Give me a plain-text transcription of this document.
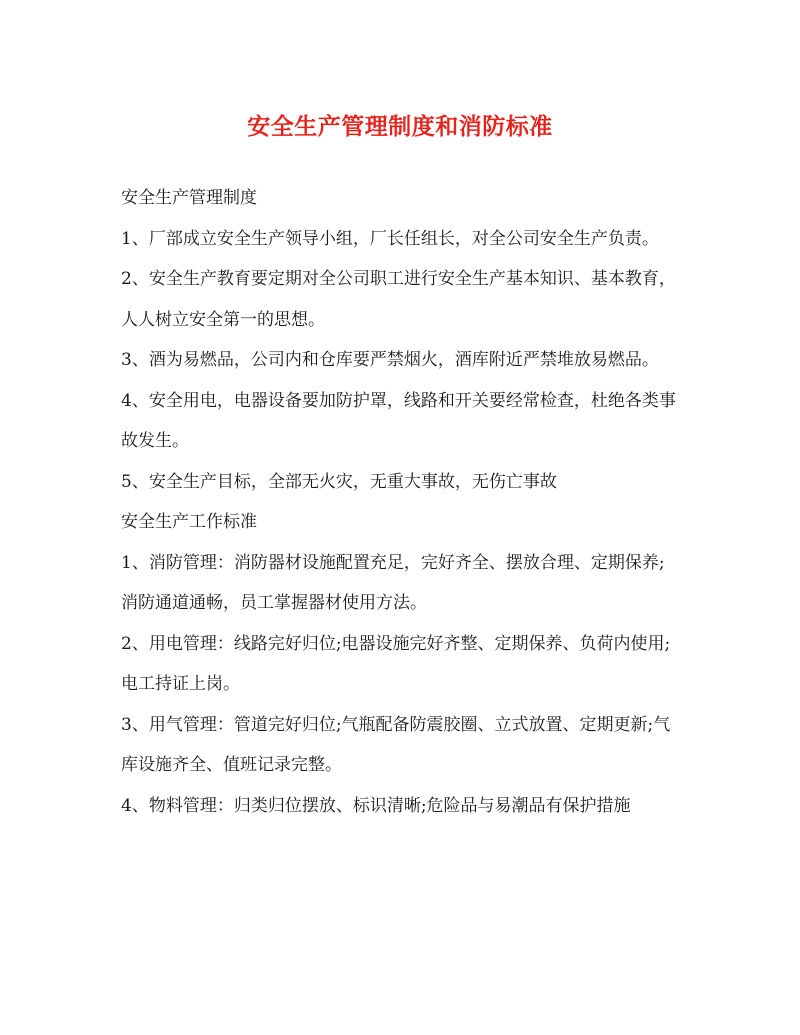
安全生产管理制度和消防标准
安全生产管理制度
1、厂部成立安全生产领导小组，厂长任组长，对全公司安全生产负责。
2、安全生产教育要定期对全公司职工进行安全生产基本知识、基本教育，人人树立安全第一的思想。
3、酒为易燃品，公司内和仓库要严禁烟火，酒库附近严禁堆放易燃品。
4、安全用电，电器设备要加防护罩，线路和开关要经常检查，杜绝各类事故发生。
5、安全生产目标，全部无火灾，无重大事故，无伤亡事故
安全生产工作标准
1、消防管理：消防器材设施配置充足，完好齐全、摆放合理、定期保养;消防通道通畅，员工掌握器材使用方法。
2、用电管理：线路完好归位;电器设施完好齐整、定期保养、负荷内使用;电工持证上岗。
3、用气管理：管道完好归位;气瓶配备防震胶圈、立式放置、定期更新;气库设施齐全、值班记录完整。
4、物料管理：归类归位摆放、标识清晰;危险品与易潮品有保护措施
